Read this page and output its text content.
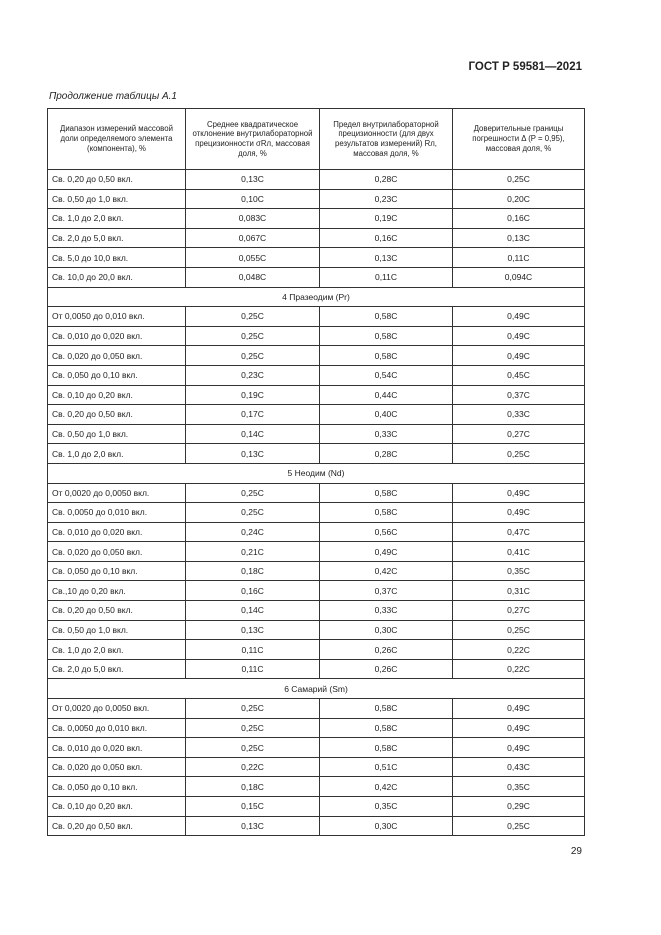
ГОСТ Р 59581—2021
Продолжение таблицы А.1
Диапазон измерений массовой доли определяемого элемента (компонента), %	Среднее квадратическое отклонение внутрилабораторной прецизионности σRл, массовая доля, %	Предел внутрилабораторной прецизионности (для двух результатов измерений) Rл, массовая доля, %	Доверительные границы погрешности Δ (P = 0,95), массовая доля, %
Св. 0,20 до 0,50 вкл.	0,13C	0,28C	0,25C
Св. 0,50 до 1,0 вкл.	0,10C	0,23C	0,20C
Св. 1,0 до 2,0 вкл.	0,083C	0,19C	0,16C
Св. 2,0 до 5,0 вкл.	0,067C	0,16C	0,13C
Св. 5,0 до 10,0 вкл.	0,055C	0,13C	0,11C
Св. 10,0 до 20,0 вкл.	0,048C	0,11C	0,094C
4 Празеодим (Pr)			
От 0,0050 до 0,010 вкл.	0,25C	0,58C	0,49C
Св. 0,010 до 0,020 вкл.	0,25C	0,58C	0,49C
Св. 0,020 до 0,050 вкл.	0,25C	0,58C	0,49C
Св. 0,050 до 0,10 вкл.	0,23C	0,54C	0,45C
Св. 0,10 до 0,20 вкл.	0,19C	0,44C	0,37C
Св. 0,20 до 0,50 вкл.	0,17C	0,40C	0,33C
Св. 0,50 до 1,0 вкл.	0,14C	0,33C	0,27C
Св. 1,0 до 2,0 вкл.	0,13C	0,28C	0,25C
5 Неодим (Nd)			
От 0,0020 до 0,0050 вкл.	0,25C	0,58C	0,49C
Св. 0,0050 до 0,010 вкл.	0,25C	0,58C	0,49C
Св. 0,010 до 0,020 вкл.	0,24C	0,56C	0,47C
Св. 0,020 до 0,050 вкл.	0,21C	0,49C	0,41C
Св. 0,050 до 0,10 вкл.	0,18C	0,42C	0,35C
Св.,10 до 0,20 вкл.	0,16C	0,37C	0,31C
Св. 0,20 до 0,50 вкл.	0,14C	0,33C	0,27C
Св. 0,50 до 1,0 вкл.	0,13C	0,30C	0,25C
Св. 1,0 до 2,0 вкл.	0,11C	0,26C	0,22C
Св. 2,0 до 5,0 вкл.	0,11C	0,26C	0,22C
6 Самарий (Sm)			
От 0,0020 до 0,0050 вкл.	0,25C	0,58C	0,49C
Св. 0,0050 до 0,010 вкл.	0,25C	0,58C	0,49C
Св. 0,010 до 0,020 вкл.	0,25C	0,58C	0,49C
Св. 0,020 до 0,050 вкл.	0,22C	0,51C	0,43C
Св. 0,050 до 0,10 вкл.	0,18C	0,42C	0,35C
Св. 0,10 до 0,20 вкл.	0,15C	0,35C	0,29C
Св. 0,20 до 0,50 вкл.	0,13C	0,30C	0,25C
29
